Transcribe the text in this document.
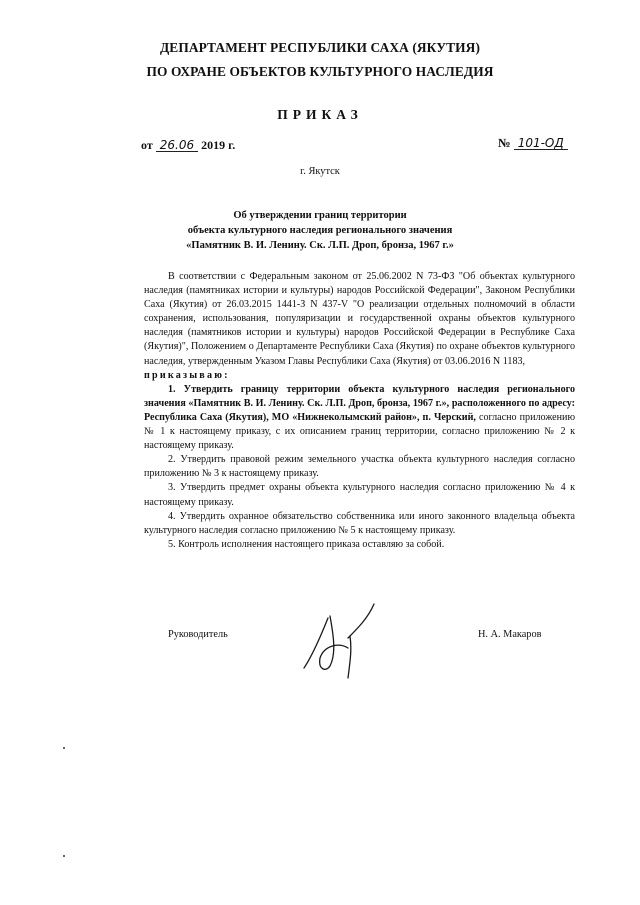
ДЕПАРТАМЕНТ РЕСПУБЛИКИ САХА (ЯКУТИЯ)
ПО ОХРАНЕ ОБЪЕКТОВ КУЛЬТУРНОГО НАСЛЕДИЯ
ПРИКАЗ
от 26.06 2019 г.	№ 101-ОД
г. Якутск
Об утверждении границ территории
объекта культурного наследия регионального значения
«Памятник В. И. Ленину. Ск. Л.П. Дроп, бронза, 1967 г.»

В соответствии с Федеральным законом от 25.06.2002 N 73-ФЗ "Об объектах культурного наследия (памятниках истории и культуры) народов Российской Федерации", Законом Республики Саха (Якутия) от 26.03.2015 1441-З N 437-V "О реализации отдельных полномочий в области сохранения, использования, популяризации и государственной охраны объектов культурного наследия (памятников истории и культуры) народов Российской Федерации в Республике Саха (Якутия)", Положением о Департаменте Республики Саха (Якутия) по охране объектов культурного наследия, утвержденным Указом Главы Республики Саха (Якутия) от 03.06.2016 N 1183,

приказываю:

1. Утвердить границу территории объекта культурного наследия регионального значения «Памятник В. И. Ленину. Ск. Л.П. Дроп, бронза, 1967 г.», расположенного по адресу: Республика Саха (Якутия), МО «Нижнеколымский район», п. Черский, согласно приложению № 1 к настоящему приказу, с их описанием границ территории, согласно приложению № 2 к настоящему приказу.

2. Утвердить правовой режим земельного участка объекта культурного наследия согласно приложению № 3 к настоящему приказу.

3. Утвердить предмет охраны объекта культурного наследия согласно приложению № 4 к настоящему приказу.

4. Утвердить охранное обязательство собственника или иного законного владельца объекта культурного наследия согласно приложению № 5 к настоящему приказу.

5. Контроль исполнения настоящего приказа оставляю за собой.

Руководитель	Н. А. Макаров
